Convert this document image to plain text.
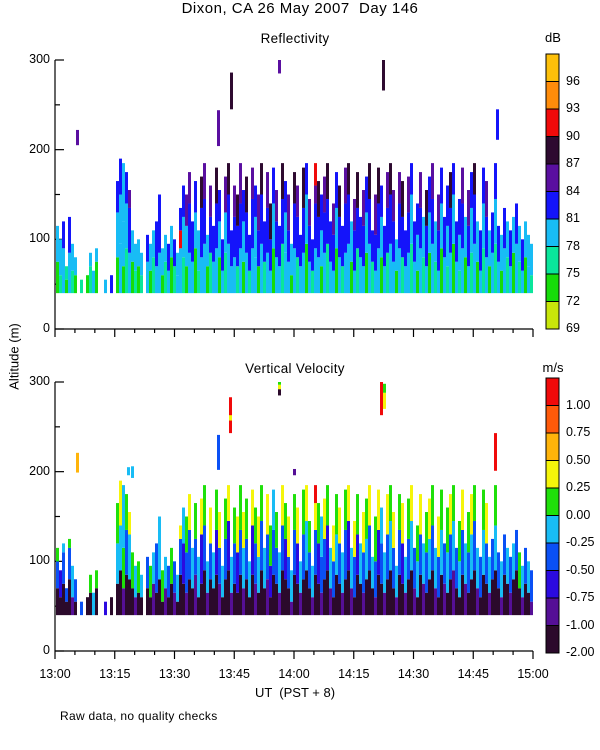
Dixon, CA 26 May 2007  Day 146
Reflectivity
Vertical Velocity
dB
m/s
UT  (PST + 8)
Altitude (m)
Raw data, no quality checks
0
100
200
300
96
93
90
87
84
81
78
75
72
69
0
100
200
300
1.00
0.75
0.50
0.25
0.00
-0.25
-0.50
-0.75
-1.00
-2.00
13:00	13:15	13:30	13:45	14:00	14:15	14:30	14:45	15:00
